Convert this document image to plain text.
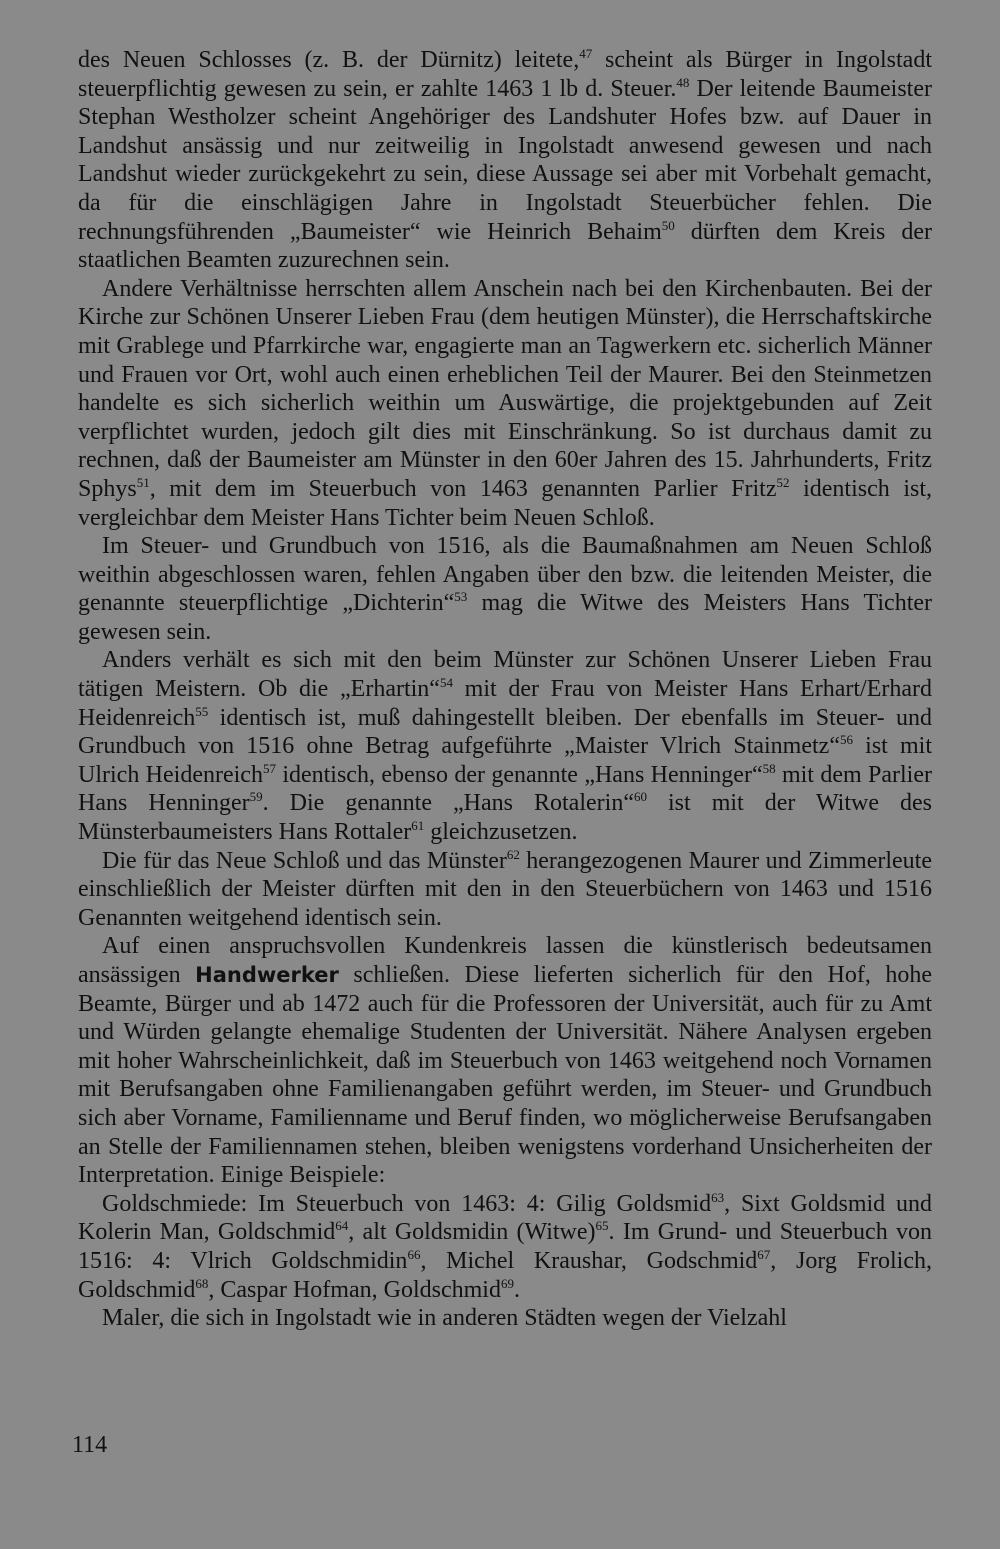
des Neuen Schlosses (z. B. der Dürnitz) leitete,$^{47}$ scheint als Bürger in Ingolstadt steuerpflichtig gewesen zu sein, er zahlte 1463 1 lb d. Steuer.$^{48}$ Der leitende Baumeister Stephan Westholzer scheint Angehöriger des Landshuter Hofes bzw. auf Dauer in Landshut ansässig und nur zeitweilig in Ingolstadt anwesend gewesen und nach Landshut wieder zurückgekehrt zu sein, diese Aussage sei aber mit Vorbehalt gemacht, da für die einschlägigen Jahre in Ingolstadt Steuerbücher fehlen. Die rechnungsführenden „Baumeister“ wie Heinrich Behaim$^{50}$ dürften dem Kreis der staatlichen Beamten zuzurechnen sein.

Andere Verhältnisse herrschten allem Anschein nach bei den Kirchenbauten. Bei der Kirche zur Schönen Unserer Lieben Frau (dem heutigen Münster), die Herrschaftskirche mit Grablege und Pfarrkirche war, engagierte man an Tagwerkern etc. sicherlich Männer und Frauen vor Ort, wohl auch einen erheblichen Teil der Maurer. Bei den Steinmetzen handelte es sich sicherlich weithin um Auswärtige, die projektgebunden auf Zeit verpflichtet wurden, jedoch gilt dies mit Einschränkung. So ist durchaus damit zu rechnen, daß der Baumeister am Münster in den 60er Jahren des 15. Jahrhunderts, Fritz Sphys$^{51}$, mit dem im Steuerbuch von 1463 genannten Parlier Fritz$^{52}$ identisch ist, vergleichbar dem Meister Hans Tichter beim Neuen Schloß.

Im Steuer- und Grundbuch von 1516, als die Baumaßnahmen am Neuen Schloß weithin abgeschlossen waren, fehlen Angaben über den bzw. die leitenden Meister, die genannte steuerpflichtige „Dichterin“$^{53}$ mag die Witwe des Meisters Hans Tichter gewesen sein.

Anders verhält es sich mit den beim Münster zur Schönen Unserer Lieben Frau tätigen Meistern. Ob die „Erhartin“$^{54}$ mit der Frau von Meister Hans Erhart/Erhard Heidenreich$^{55}$ identisch ist, muß dahingestellt bleiben. Der ebenfalls im Steuer- und Grundbuch von 1516 ohne Betrag aufgeführte „Maister Vlrich Stainmetz“$^{56}$ ist mit Ulrich Heidenreich$^{57}$ identisch, ebenso der genannte „Hans Henninger“$^{58}$ mit dem Parlier Hans Henninger$^{59}$. Die genannte „Hans Rotalerin“$^{60}$ ist mit der Witwe des Münsterbaumeisters Hans Rottaler$^{61}$ gleichzusetzen.

Die für das Neue Schloß und das Münster$^{62}$ herangezogenen Maurer und Zimmerleute einschließlich der Meister dürften mit den in den Steuerbüchern von 1463 und 1516 Genannten weitgehend identisch sein.

Auf einen anspruchsvollen Kundenkreis lassen die künstlerisch bedeutsamen ansässigen Handwerker schließen. Diese lieferten sicherlich für den Hof, hohe Beamte, Bürger und ab 1472 auch für die Professoren der Universität, auch für zu Amt und Würden gelangte ehemalige Studenten der Universität. Nähere Analysen ergeben mit hoher Wahrscheinlichkeit, daß im Steuerbuch von 1463 weitgehend noch Vornamen mit Berufsangaben ohne Familienangaben geführt werden, im Steuer- und Grundbuch sich aber Vorname, Familienname und Beruf finden, wo möglicherweise Berufsangaben an Stelle der Familiennamen stehen, bleiben wenigstens vorderhand Unsicherheiten der Interpretation. Einige Beispiele:

Goldschmiede: Im Steuerbuch von 1463: 4: Gilig Goldsmid$^{63}$, Sixt Goldsmid und Kolerin Man, Goldschmid$^{64}$, alt Goldsmidin (Witwe)$^{65}$. Im Grund- und Steuerbuch von 1516: 4: Vlrich Goldschmidin$^{66}$, Michel Kraushar, Godschmid$^{67}$, Jorg Frolich, Goldschmid$^{68}$, Caspar Hofman, Goldschmid$^{69}$.

Maler, die sich in Ingolstadt wie in anderen Städten wegen der Vielzahl

114
